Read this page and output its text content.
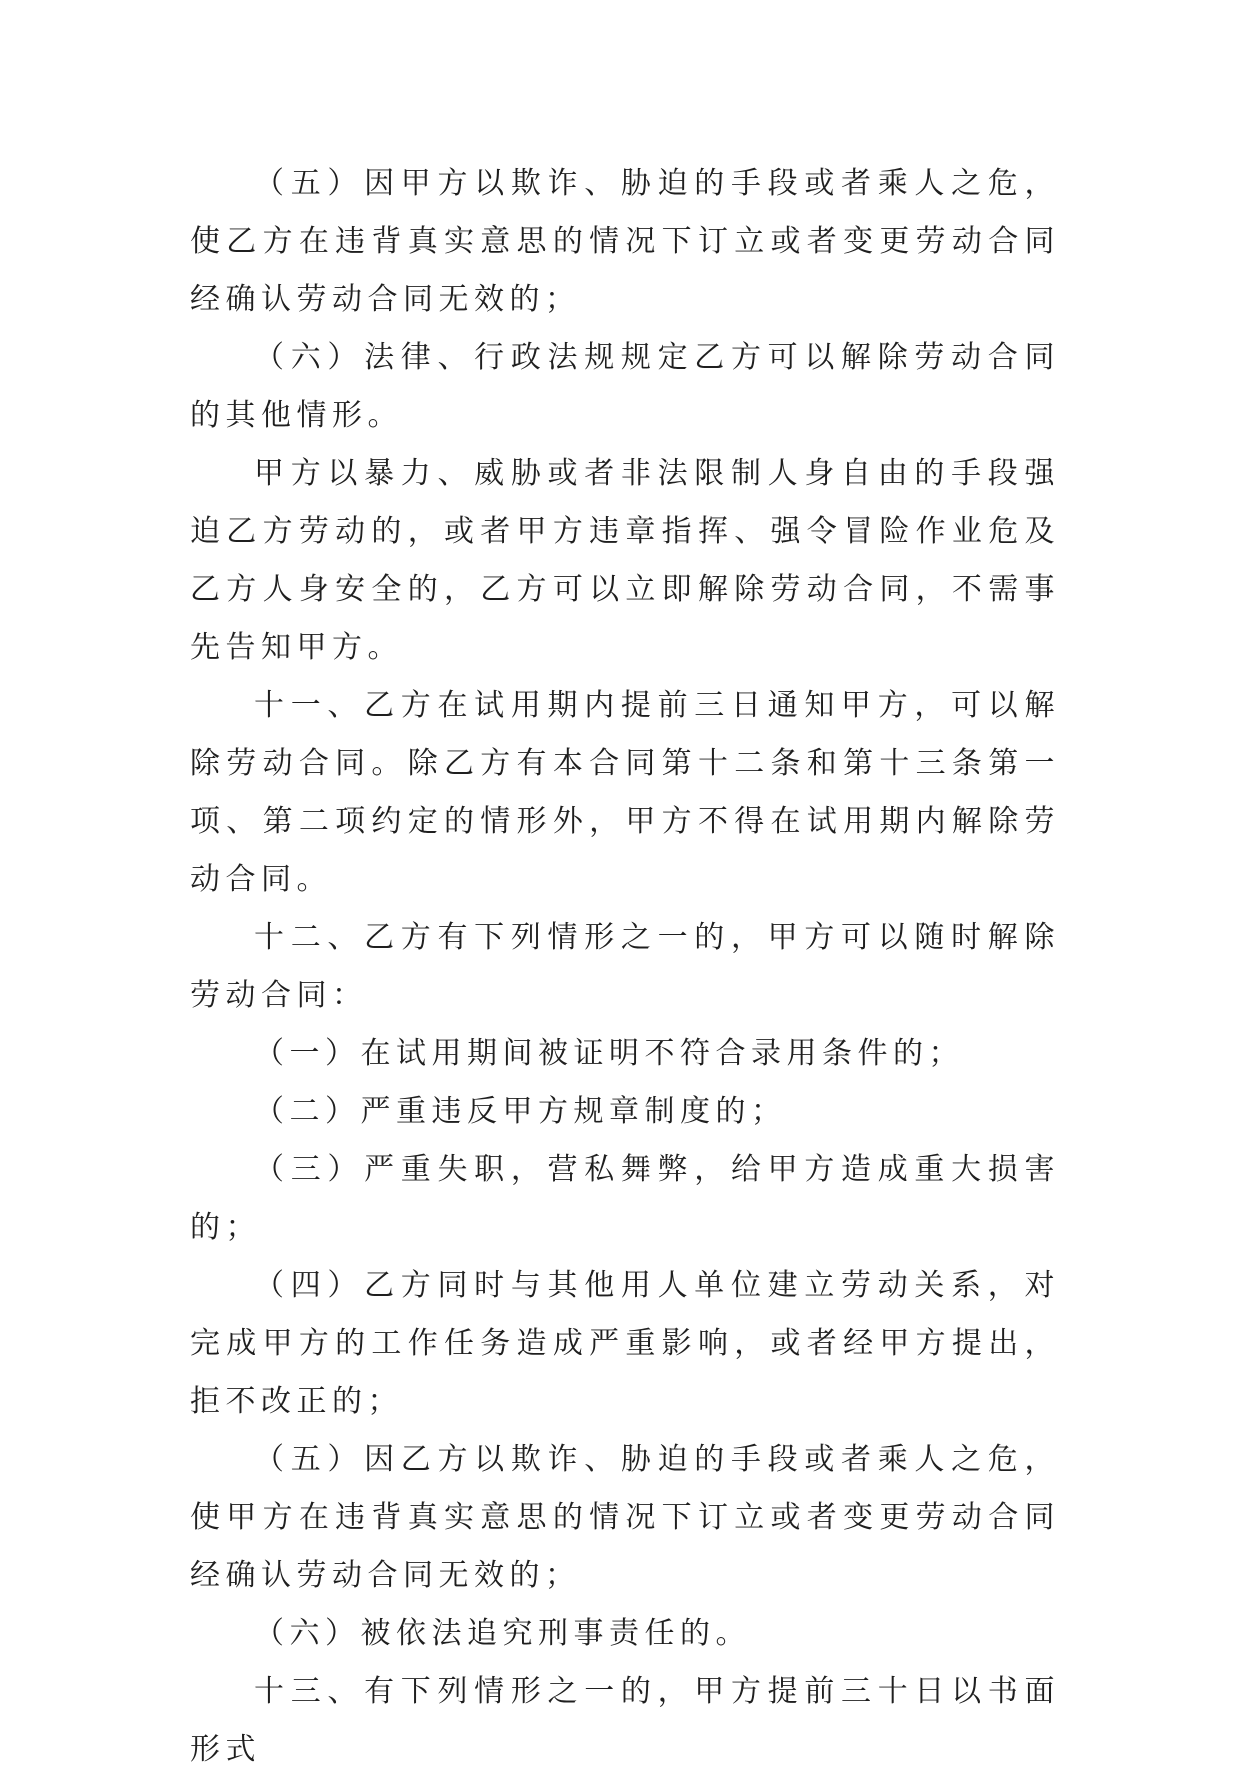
（五）因甲方以欺诈、胁迫的手段或者乘人之危，使乙方在违背真实意思的情况下订立或者变更劳动合同经确认劳动合同无效的；

（六）法律、行政法规规定乙方可以解除劳动合同的其他情形。

甲方以暴力、威胁或者非法限制人身自由的手段强迫乙方劳动的，或者甲方违章指挥、强令冒险作业危及乙方人身安全的，乙方可以立即解除劳动合同，不需事先告知甲方。

十一、乙方在试用期内提前三日通知甲方，可以解除劳动合同。除乙方有本合同第十二条和第十三条第一项、第二项约定的情形外，甲方不得在试用期内解除劳动合同。

十二、乙方有下列情形之一的，甲方可以随时解除劳动合同：

（一）在试用期间被证明不符合录用条件的；

（二）严重违反甲方规章制度的；

（三）严重失职，营私舞弊，给甲方造成重大损害的；

（四）乙方同时与其他用人单位建立劳动关系，对完成甲方的工作任务造成严重影响，或者经甲方提出，拒不改正的；

（五）因乙方以欺诈、胁迫的手段或者乘人之危，使甲方在违背真实意思的情况下订立或者变更劳动合同经确认劳动合同无效的；

（六）被依法追究刑事责任的。

十三、有下列情形之一的，甲方提前三十日以书面形式
